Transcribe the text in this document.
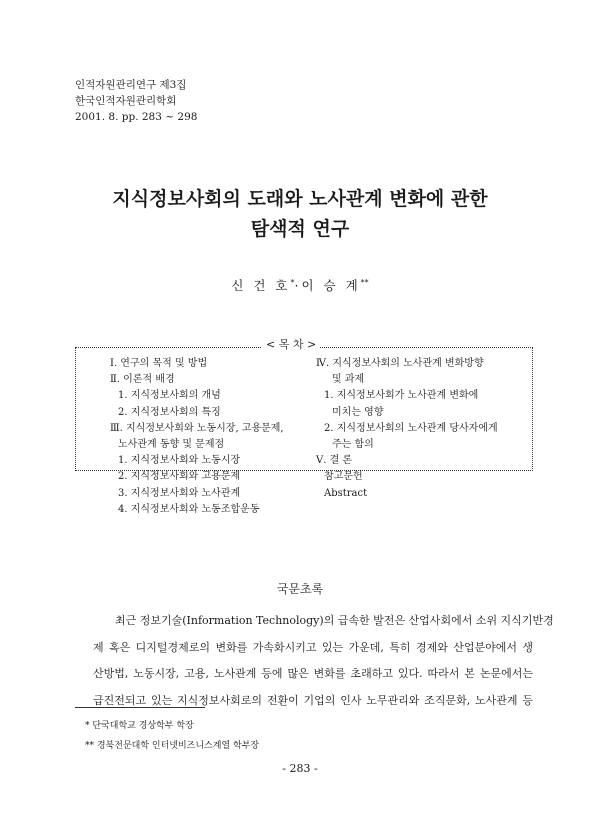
인적자원관리연구 제3집
한국인적자원관리학회
2001. 8. pp. 283 ~ 298
지식정보사회의 도래와 노사관계 변화에 관한
탐색적 연구
신 건 호*·이 승 계**
< 목 차 >
Ⅰ. 연구의 목적 및 방법
Ⅱ. 이론적 배경
1. 지식정보사회의 개념
2. 지식정보사회의 특징
Ⅲ. 지식정보사회와 노동시장, 고용문제,
노사관계 동향 및 문제점
1. 지식정보사회와 노동시장
2. 지식정보사회와 고용문제
3. 지식정보사회와 노사관계
4. 지식정보사회와 노동조합운동
Ⅳ. 지식정보사회의 노사관계 변화방향
및 과제
1. 지식정보사회가 노사관계 변화에
미치는 영향
2. 지식정보사회의 노사관계 당사자에게
주는 함의
Ⅴ. 결 론
참고문헌
Abstract
국문초록
최근 정보기술(Information Technology)의 급속한 발전은 산업사회에서 소위 지식기반경
제 혹은 디지털경제로의 변화를 가속화시키고 있는 가운데, 특히 경제와 산업분야에서 생
산방법, 노동시장, 고용, 노사관계 등에 많은 변화를 초래하고 있다. 따라서 본 논문에서는
급진전되고 있는 지식정보사회로의 전환이 기업의 인사 노무관리와 조직문화, 노사관계 등
* 단국대학교 경상학부 학장
** 경북전문대학 인터넷비즈니스계열 학부장
- 283 -
